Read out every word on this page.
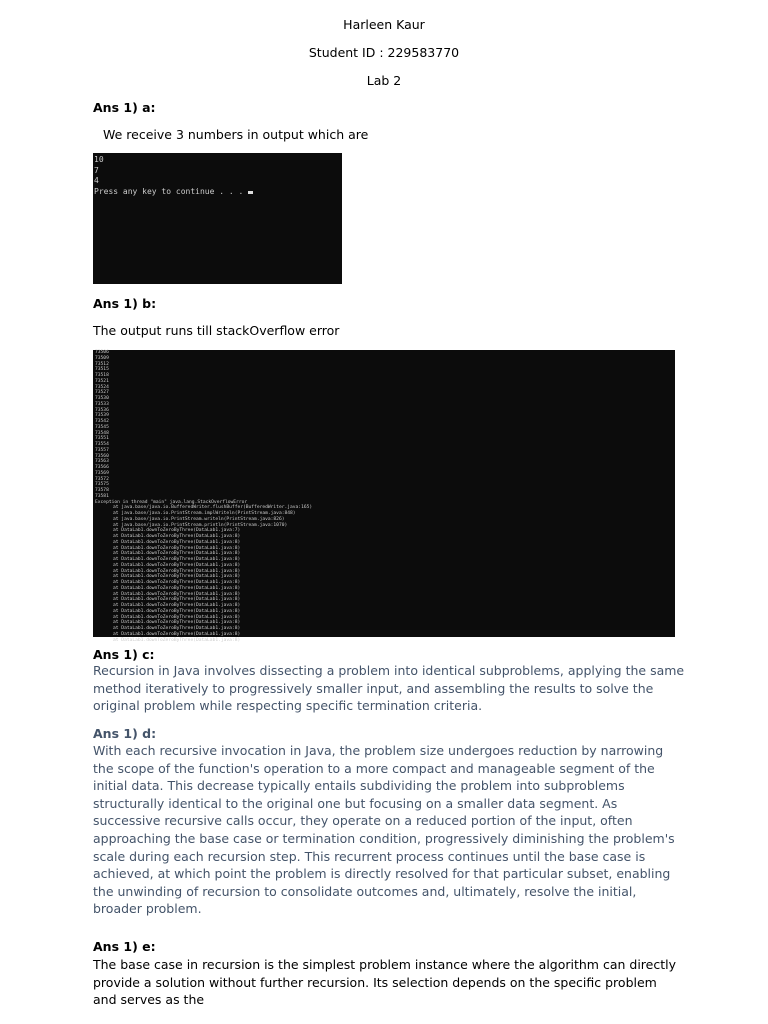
Harleen Kaur
Student ID : 229583770
Lab 2
Ans 1) a:
We receive 3 numbers in output which are
10
7
4
Press any key to continue . . .
Ans 1) b:
The output runs till stackOverflow error
73506
73509
73512
73515
73518
73521
73524
73527
73530
73533
73536
73539
73542
73545
73548
73551
73554
73557
73560
73563
73566
73569
73572
73575
73578
73581
Exception in thread "main" java.lang.StackOverflowError
at java.base/java.io.BufferedWriter.flushBuffer(BufferedWriter.java:165)
at java.base/java.io.PrintStream.implWriteln(PrintStream.java:848)
at java.base/java.io.PrintStream.writeln(PrintStream.java:826)
at java.base/java.io.PrintStream.println(PrintStream.java:1070)
at DataLab1.downToZeroByThree(DataLab1.java:7)
at DataLab1.downToZeroByThree(DataLab1.java:8)
at DataLab1.downToZeroByThree(DataLab1.java:8)
at DataLab1.downToZeroByThree(DataLab1.java:8)
at DataLab1.downToZeroByThree(DataLab1.java:8)
at DataLab1.downToZeroByThree(DataLab1.java:8)
at DataLab1.downToZeroByThree(DataLab1.java:8)
at DataLab1.downToZeroByThree(DataLab1.java:8)
at DataLab1.downToZeroByThree(DataLab1.java:8)
at DataLab1.downToZeroByThree(DataLab1.java:8)
at DataLab1.downToZeroByThree(DataLab1.java:8)
at DataLab1.downToZeroByThree(DataLab1.java:8)
at DataLab1.downToZeroByThree(DataLab1.java:8)
at DataLab1.downToZeroByThree(DataLab1.java:8)
at DataLab1.downToZeroByThree(DataLab1.java:8)
at DataLab1.downToZeroByThree(DataLab1.java:8)
at DataLab1.downToZeroByThree(DataLab1.java:8)
at DataLab1.downToZeroByThree(DataLab1.java:8)
at DataLab1.downToZeroByThree(DataLab1.java:8)
at DataLab1.downToZeroByThree(DataLab1.java:8)
Ans 1) c:
Recursion in Java involves dissecting a problem into identical subproblems, applying the same method iteratively to progressively smaller input, and assembling the results to solve the original problem while respecting specific termination criteria.
Ans 1) d:
With each recursive invocation in Java, the problem size undergoes reduction by narrowing the scope of the function's operation to a more compact and manageable segment of the initial data. This decrease typically entails subdividing the problem into subproblems structurally identical to the original one but focusing on a smaller data segment. As successive recursive calls occur, they operate on a reduced portion of the input, often approaching the base case or termination condition, progressively diminishing the problem's scale during each recursion step. This recurrent process continues until the base case is achieved, at which point the problem is directly resolved for that particular subset, enabling the unwinding of recursion to consolidate outcomes and, ultimately, resolve the initial, broader problem.
Ans 1) e:
The base case in recursion is the simplest problem instance where the algorithm can directly provide a solution without further recursion. Its selection depends on the specific problem and serves as the
